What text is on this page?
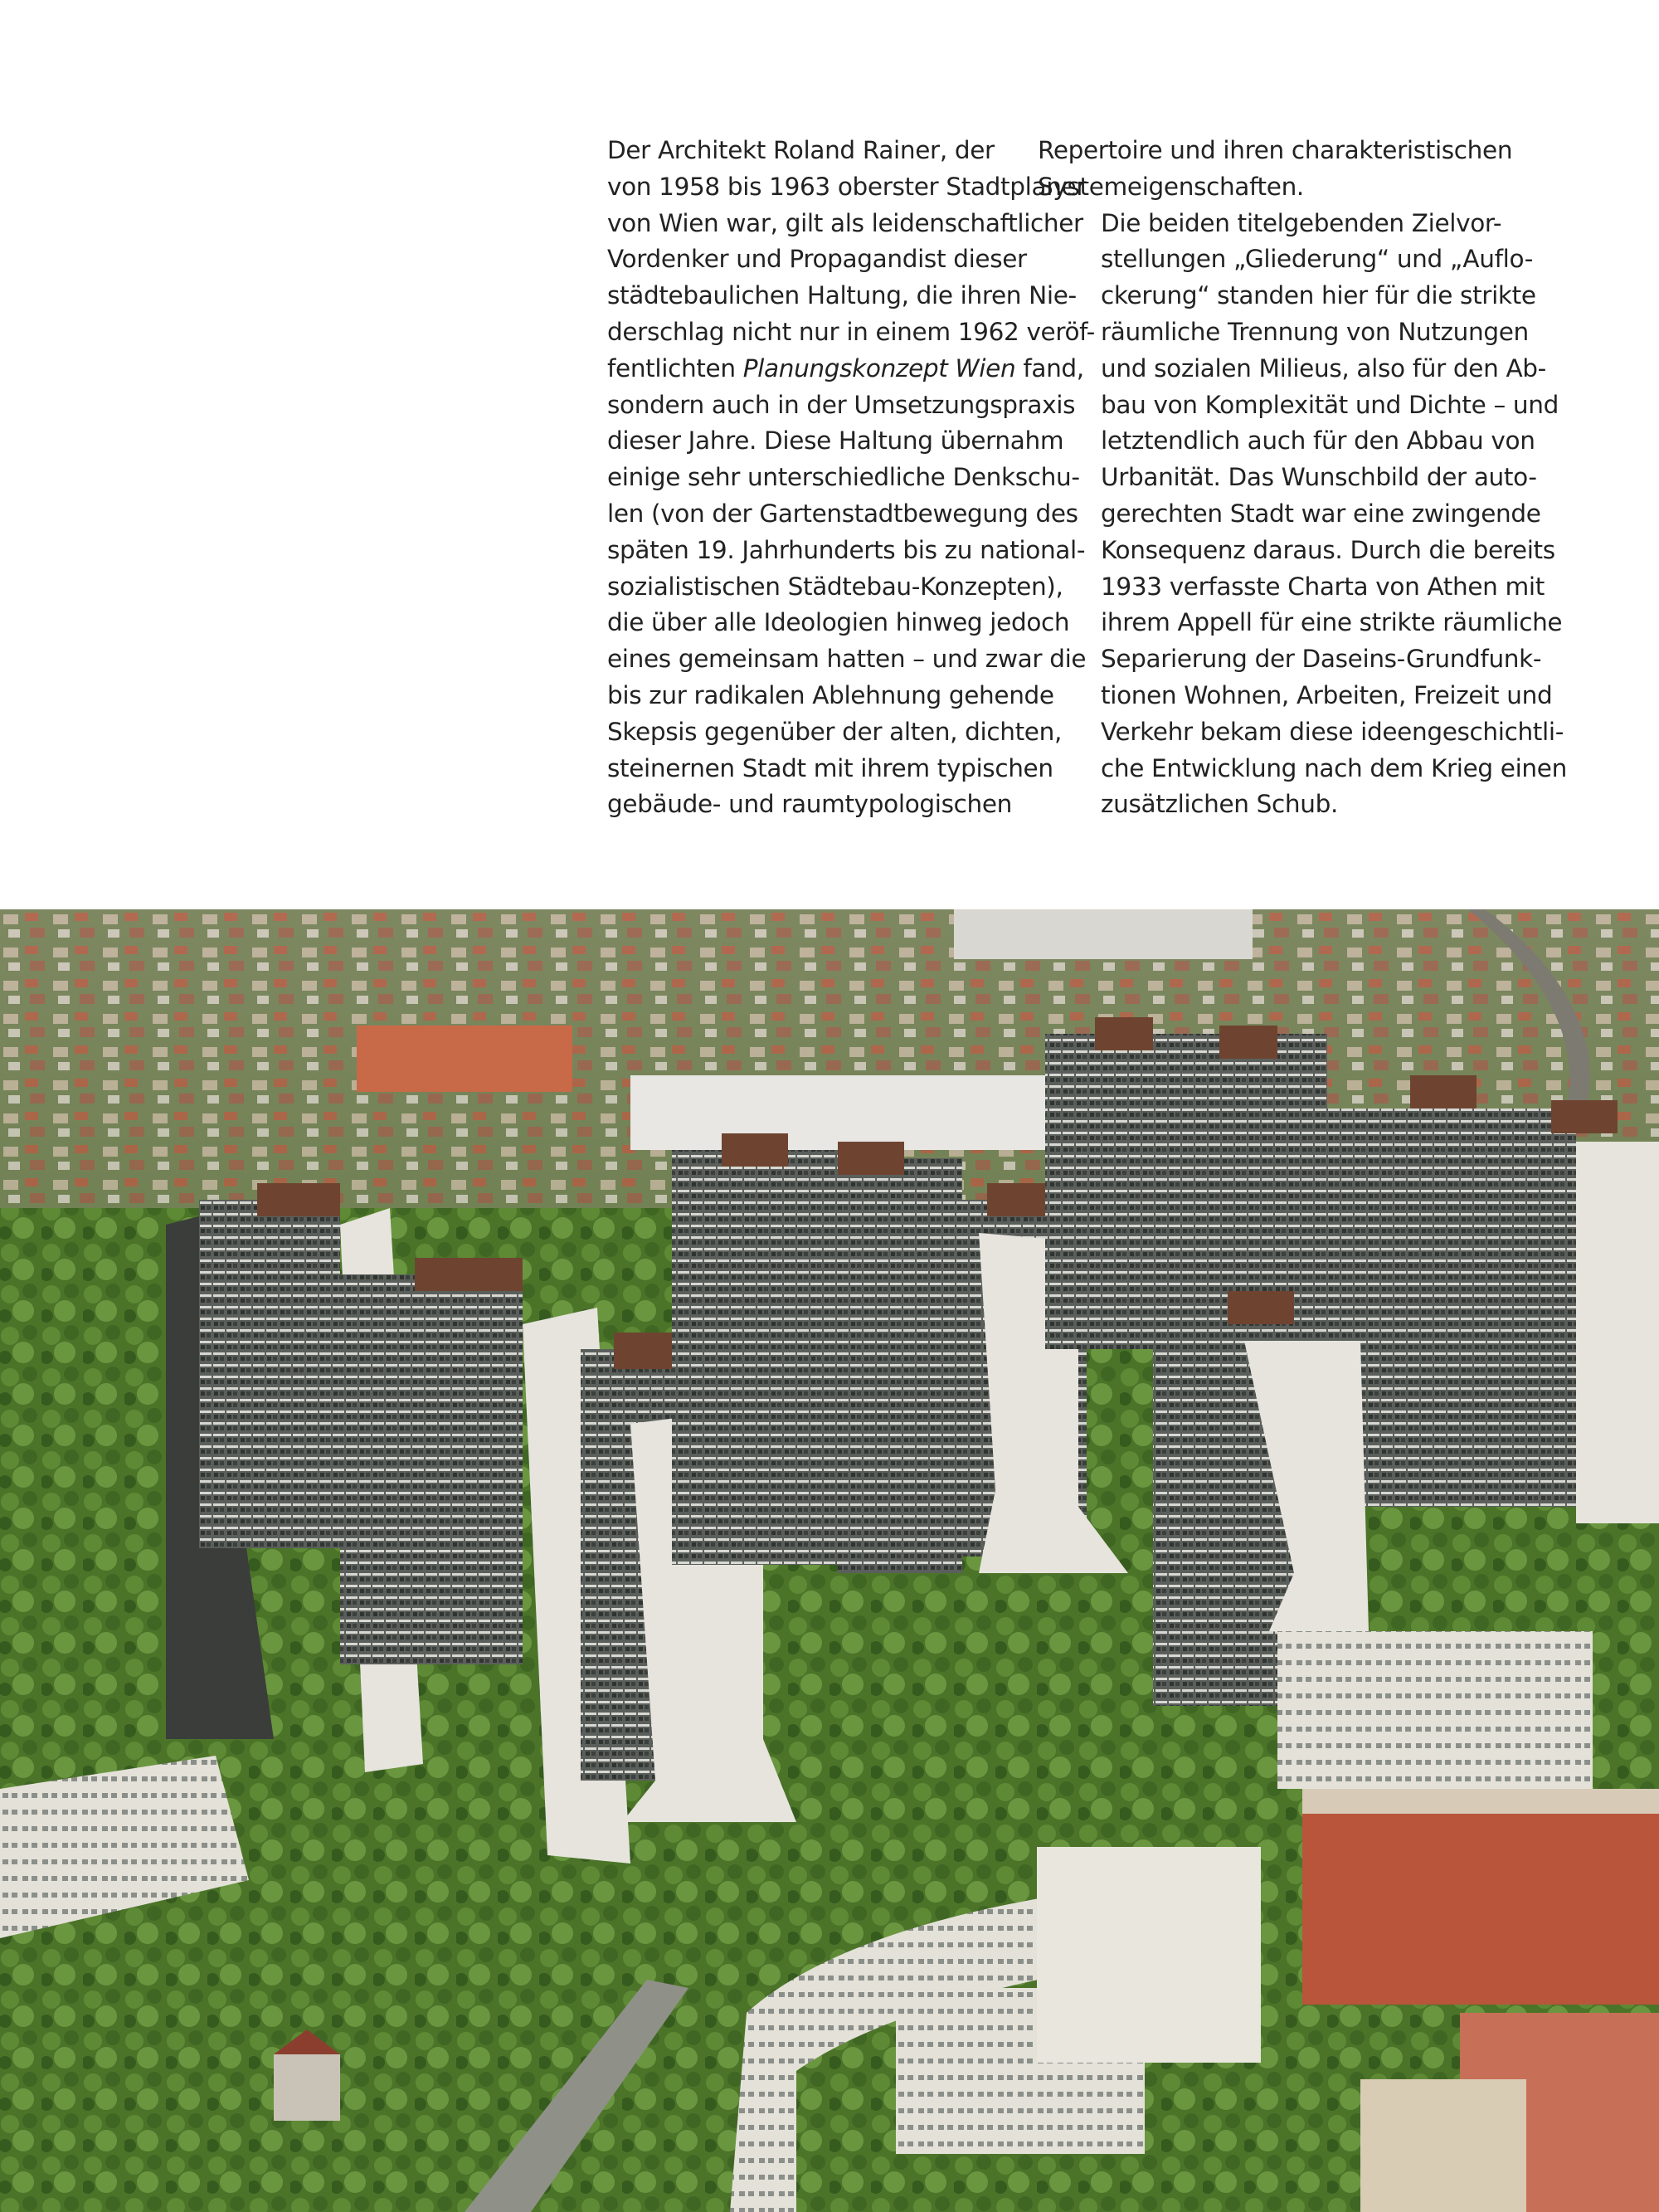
Der Architekt Roland Rainer, der
von 1958 bis 1963 oberster Stadtplaner
von Wien war, gilt als leidenschaftlicher
Vordenker und Propagandist dieser
städtebaulichen Haltung, die ihren Nie-
derschlag nicht nur in einem 1962 veröf-
fentlichten Planungskonzept Wien fand,
sondern auch in der Umsetzungspraxis
dieser Jahre. Diese Haltung übernahm
einige sehr unterschiedliche Denkschu-
len (von der Gartenstadtbewegung des
späten 19. Jahrhunderts bis zu national-
sozialistischen Städtebau-Konzepten),
die über alle Ideologien hinweg jedoch
eines gemeinsam hatten – und zwar die
bis zur radikalen Ablehnung gehende
Skepsis gegenüber der alten, dichten,
steinernen Stadt mit ihrem typischen
gebäude- und raumtypologischen

Repertoire und ihren charakteristischen
Systemeigenschaften.

Die beiden titelgebenden Zielvor-
stellungen „Gliederung“ und „Auflo-
ckerung“ standen hier für die strikte
räumliche Trennung von Nutzungen
und sozialen Milieus, also für den Ab-
bau von Komplexität und Dichte – und
letztendlich auch für den Abbau von
Urbanität. Das Wunschbild der auto-
gerechten Stadt war eine zwingende
Konsequenz daraus. Durch die bereits
1933 verfasste Charta von Athen mit
ihrem Appell für eine strikte räumliche
Separierung der Daseins-Grundfunk-
tionen Wohnen, Arbeiten, Freizeit und
Verkehr bekam diese ideengeschichtli-
che Entwicklung nach dem Krieg einen
zusätzlichen Schub.
